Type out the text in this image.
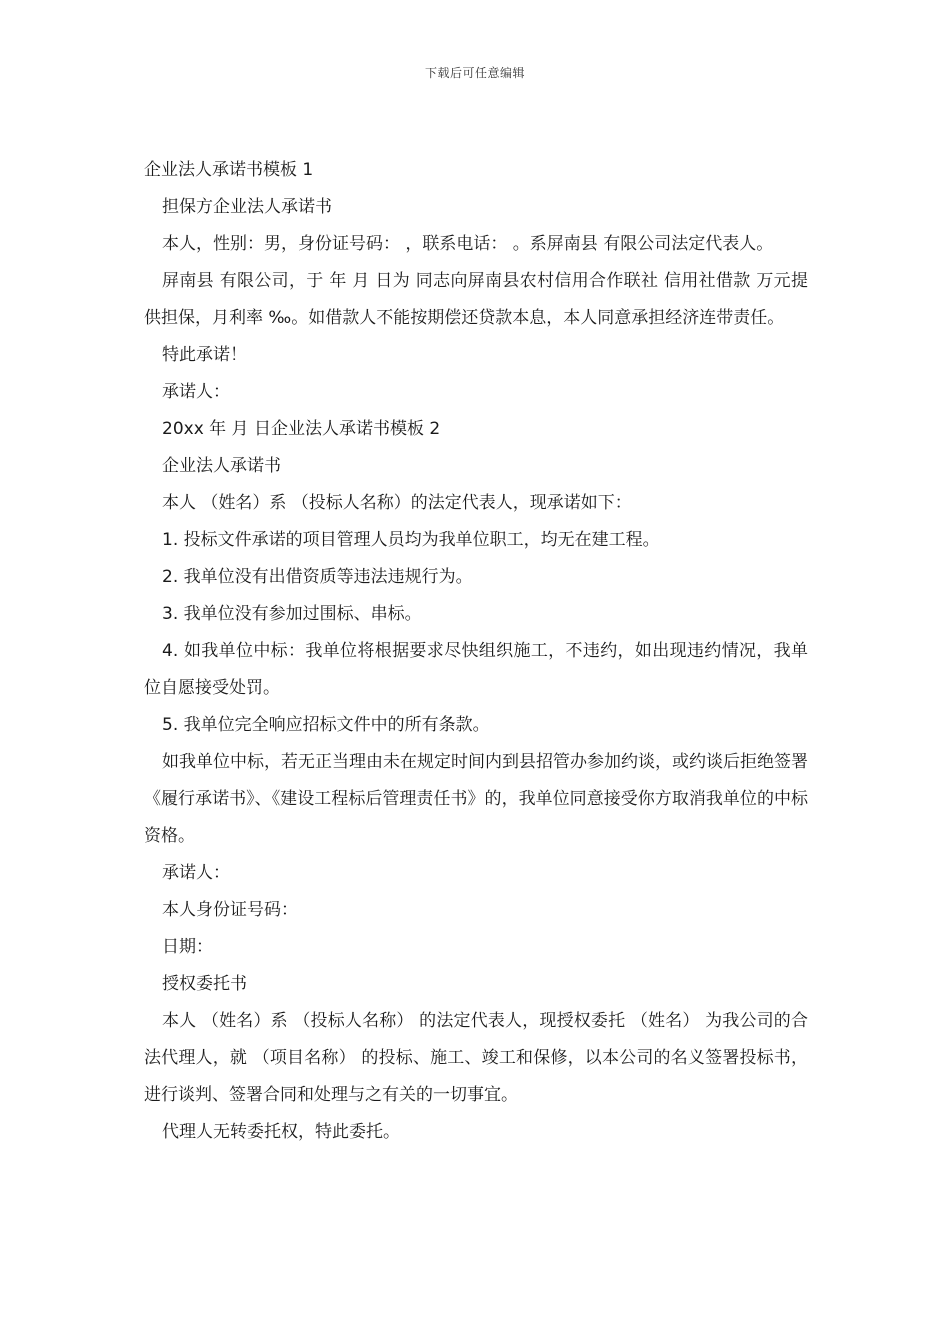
下载后可任意编辑

企业法人承诺书模板 1

担保方企业法人承诺书

本人，性别：男，身份证号码： ，联系电话： 。系屏南县 有限公司法定代表人。

屏南县 有限公司，于 年 月 日为 同志向屏南县农村信用合作联社 信用社借款 万元提供担保，月利率 ‰。如借款人不能按期偿还贷款本息，本人同意承担经济连带责任。

特此承诺！

承诺人：

20xx 年 月 日企业法人承诺书模板 2

企业法人承诺书

本人 （姓名）系 （投标人名称）的法定代表人，现承诺如下：

1. 投标文件承诺的项目管理人员均为我单位职工，均无在建工程。

2. 我单位没有出借资质等违法违规行为。

3. 我单位没有参加过围标、串标。

4. 如我单位中标：我单位将根据要求尽快组织施工，不违约，如出现违约情况，我单位自愿接受处罚。

5. 我单位完全响应招标文件中的所有条款。

如我单位中标，若无正当理由未在规定时间内到县招管办参加约谈，或约谈后拒绝签署《履行承诺书》、《建设工程标后管理责任书》的，我单位同意接受你方取消我单位的中标资格。

承诺人：

本人身份证号码：

日期：

授权委托书

本人 （姓名）系 （投标人名称） 的法定代表人，现授权委托 （姓名） 为我公司的合法代理人，就 （项目名称） 的投标、施工、竣工和保修，以本公司的名义签署投标书，进行谈判、签署合同和处理与之有关的一切事宜。

代理人无转委托权，特此委托。
